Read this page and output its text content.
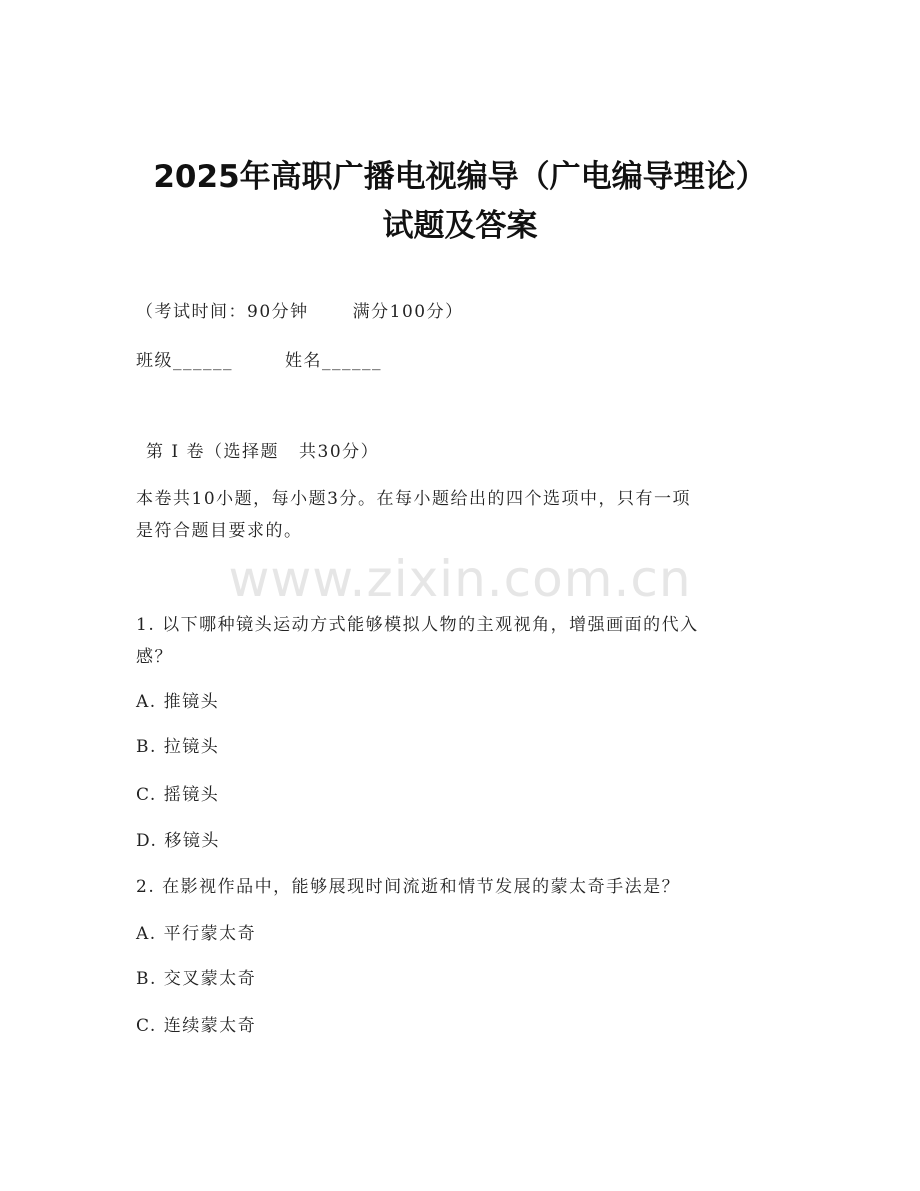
www.zixin.com.cn
2025年高职广播电视编导（广电编导理论）
试题及答案
（考试时间：90分钟	满分100分）
班级______	姓名______
第 I 卷（选择题 共30分）
本卷共10小题，每小题3分。在每小题给出的四个选项中，只有一项
是符合题目要求的。
1. 以下哪种镜头运动方式能够模拟人物的主观视角，增强画面的代入
感？
A. 推镜头
B. 拉镜头
C. 摇镜头
D. 移镜头
2. 在影视作品中，能够展现时间流逝和情节发展的蒙太奇手法是？
A. 平行蒙太奇
B. 交叉蒙太奇
C. 连续蒙太奇
